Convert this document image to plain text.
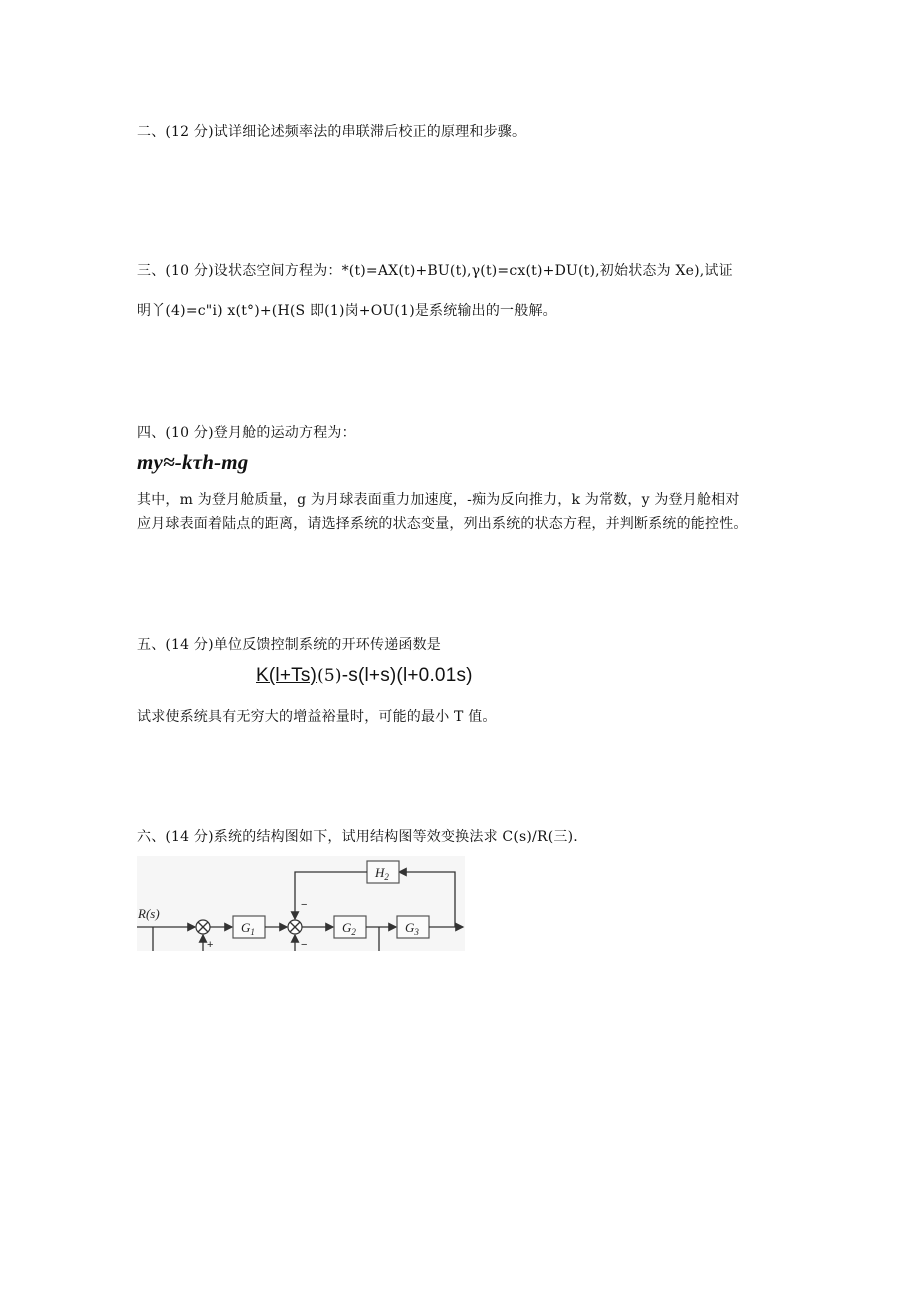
二、(12 分)试详细论述频率法的串联滞后校正的原理和步骤。
三、(10 分)设状态空间方程为：*(t)=AX(t)+BU(t),γ(t)=cx(t)+DU(t),初始状态为 Xe),试证
明丫(4)=c"i) x(t°)+(H(S 即(1)岗+OU(1)是系统输出的一般解。
四、(10 分)登月舱的运动方程为：
my≈-kτh-mg
其中，m 为登月舱质量，g 为月球表面重力加速度，-痴为反向推力，k 为常数，y 为登月舱相对
应月球表面着陆点的距离，请选择系统的状态变量，列出系统的状态方程，并判断系统的能控性。
五、(14 分)单位反馈控制系统的开环传递函数是
K(l+Ts)(5)-s(l+s)(l+0.01s)
试求使系统具有无穷大的增益裕量时，可能的最小 T 值。
六、(14 分)系统的结构图如下，试用结构图等效变换法求 C(s)/R(三).
R(s)
+
$G_1$
−
−
$G_2$	$G_3$
$H_2$
